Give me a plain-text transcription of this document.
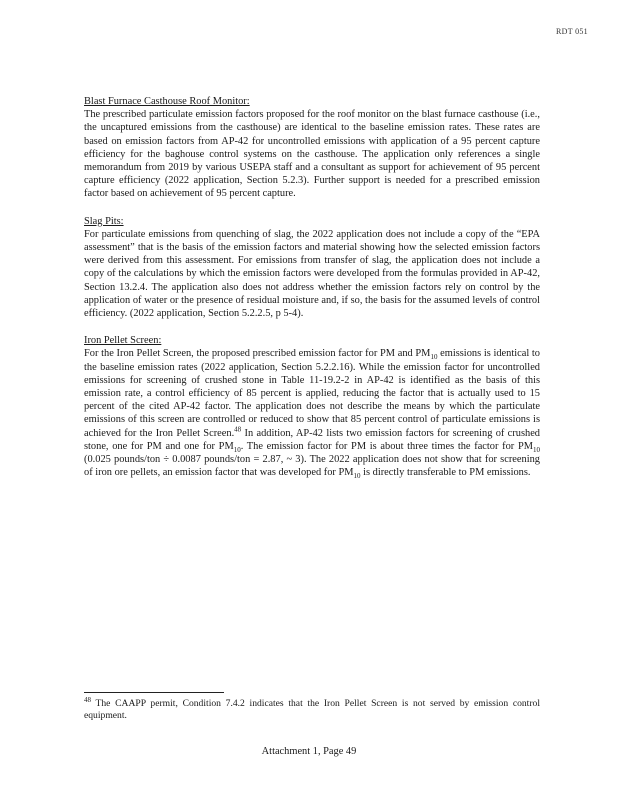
RDT 051
Blast Furnace Casthouse Roof Monitor:

The prescribed particulate emission factors proposed for the roof monitor on the blast furnace casthouse (i.e., the uncaptured emissions from the casthouse) are identical to the baseline emission rates. These rates are based on emission factors from AP-42 for uncontrolled emissions with application of a 95 percent capture efficiency for the baghouse control systems on the casthouse. The application only references a single memorandum from 2019 by various USEPA staff and a consultant as support for achievement of 95 percent capture efficiency (2022 application, Section 5.2.3). Further support is needed for a prescribed emission factor based on achievement of 95 percent capture.

Slag Pits:

For particulate emissions from quenching of slag, the 2022 application does not include a copy of the “EPA assessment” that is the basis of the emission factors and material showing how the selected emission factors were derived from this assessment. For emissions from transfer of slag, the application does not include a copy of the calculations by which the emission factors were developed from the formulas provided in AP-42, Section 13.2.4. The application also does not address whether the emission factors rely on control by the application of water or the presence of residual moisture and, if so, the basis for the assumed levels of control efficiency. (2022 application, Section 5.2.2.5, p 5-4).

Iron Pellet Screen:

For the Iron Pellet Screen, the proposed prescribed emission factor for PM and $PM_{10}$ emissions is identical to the baseline emission rates (2022 application, Section 5.2.2.16). While the emission factor for uncontrolled emissions for screening of crushed stone in Table 11-19.2-2 in AP-42 is identified as the basis of this emission rate, a control efficiency of 85 percent is applied, reducing the factor that is actually used to 15 percent of the cited AP-42 factor. The application does not describe the means by which the particulate emissions of this screen are controlled or reduced to show that 85 percent control of particulate emissions is achieved for the Iron Pellet Screen.$^{48}$ In addition, AP-42 lists two emission factors for screening of crushed stone, one for PM and one for $PM_{10}$. The emission factor for PM is about three times the factor for $PM_{10}$ (0.025 pounds/ton ÷ 0.0087 pounds/ton = 2.87, ~ 3). The 2022 application does not show that for screening of iron ore pellets, an emission factor that was developed for $PM_{10}$ is directly transferable to PM emissions.

$^{48}$ The CAAPP permit, Condition 7.4.2 indicates that the Iron Pellet Screen is not served by emission control equipment.
Attachment 1, Page 49
